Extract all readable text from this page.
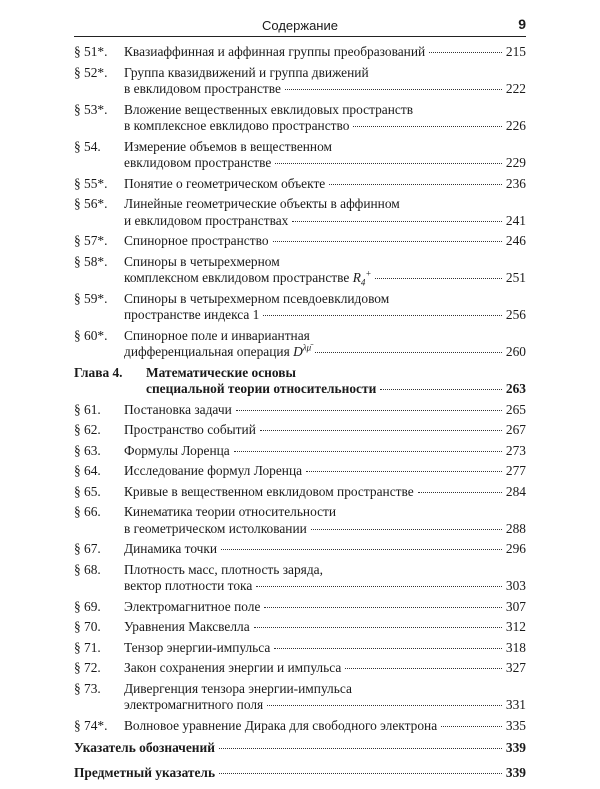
Содержание	9
§ 51*.	Квазиаффинная и аффинная группы преобразований	215
§ 52*.	Группа квазидвижений и группа движений
в евклидовом пространстве	222
§ 53*.	Вложение вещественных евклидовых пространств
в комплексное евклидово пространство	226
§ 54.	Измерение объемов в вещественном
евклидовом пространстве	229
§ 55*.	Понятие о геометрическом объекте	236
§ 56*.	Линейные геометрические объекты в аффинном
и евклидовом пространствах	241
§ 57*.	Спинорное пространство	246
§ 58*.	Спиноры в четырехмерном
комплексном евклидовом пространстве $R_4^+$	251
§ 59*.	Спиноры в четырехмерном псевдоевклидовом
пространстве индекса 1	256
§ 60*.	Спинорное поле и инвариантная
дифференциальная операция $D^{\lambda\mū}$	260
Глава 4.	Математические основы
специальной теории относительности	263
§ 61.	Постановка задачи	265
§ 62.	Пространство событий	267
§ 63.	Формулы Лоренца	273
§ 64.	Исследование формул Лоренца	277
§ 65.	Кривые в вещественном евклидовом пространстве	284
§ 66.	Кинематика теории относительности
в геометрическом истолковании	288
§ 67.	Динамика точки	296
§ 68.	Плотность масс, плотность заряда,
вектор плотности тока	303
§ 69.	Электромагнитное поле	307
§ 70.	Уравнения Максвелла	312
§ 71.	Тензор энергии-импульса	318
§ 72.	Закон сохранения энергии и импульса	327
§ 73.	Дивергенция тензора энергии-импульса
электромагнитного поля	331
§ 74*.	Волновое уравнение Дирака для свободного электрона	335
Указатель обозначений	339
Предметный указатель	339
